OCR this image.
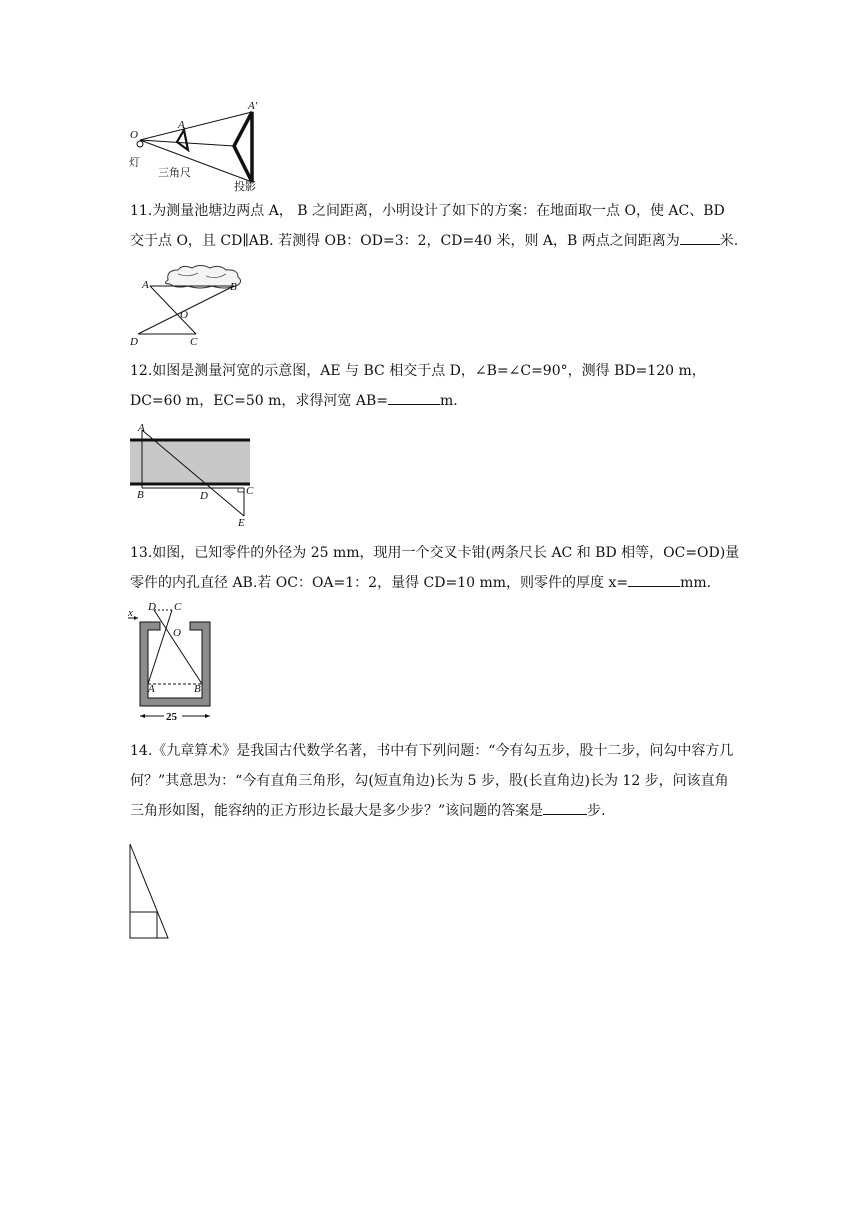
O
A
A′
灯
三角尺
投影
11.为测量池塘边两点 A， B 之间距离，小明设计了如下的方案：在地面取一点 O，使 AC、BD 交于点 O，且 CD∥AB. 若测得 OB：OD=3：2，CD=40 米，则 A，B 两点之间距离为	米.
A	B
O
C
D
12.如图是测量河宽的示意图，AE 与 BC 相交于点 D，∠B=∠C=90°，测得 BD=120 m，DC=60 m，EC=50 m，求得河宽 AB=	m.
A
B	D	C
E
13.如图，已知零件的外径为 25 mm，现用一个交叉卡钳(两条尺长 AC 和 BD 相等，OC=OD)量零件的内孔直径 AB.若 OC：OA=1：2，量得 CD=10 mm，则零件的厚度 x=	mm.
D C
O
A	B
x
25
14.《九章算术》是我国古代数学名著，书中有下列问题：“今有勾五步，股十二步，问勾中容方几何？”其意思为：“今有直角三角形，勾(短直角边)长为 5 步，股(长直角边)长为 12 步，问该直角三角形如图，能容纳的正方形边长最大是多少步？”该问题的答案是	步.
